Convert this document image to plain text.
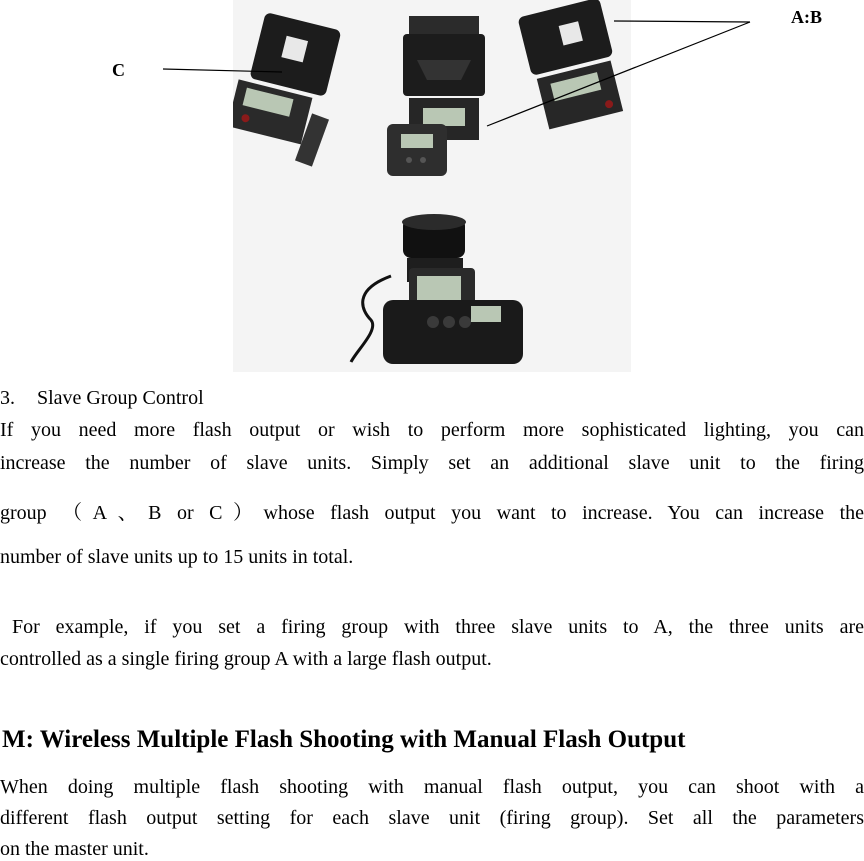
C
A:B
3. Slave Group Control
If you need more flash output or wish to perform more sophisticated lighting, you can
increase the number of slave units. Simply set an additional slave unit to the firing
group （A、B or C）whose flash output you want to increase. You can increase the
number of slave units up to 15 units in total.
For example, if you set a firing group with three slave units to A, the three units are
controlled as a single firing group A with a large flash output.
M: Wireless Multiple Flash Shooting with Manual Flash Output
When doing multiple flash shooting with manual flash output, you can shoot with a
different flash output setting for each slave unit (firing group). Set all the parameters
on the master unit.
